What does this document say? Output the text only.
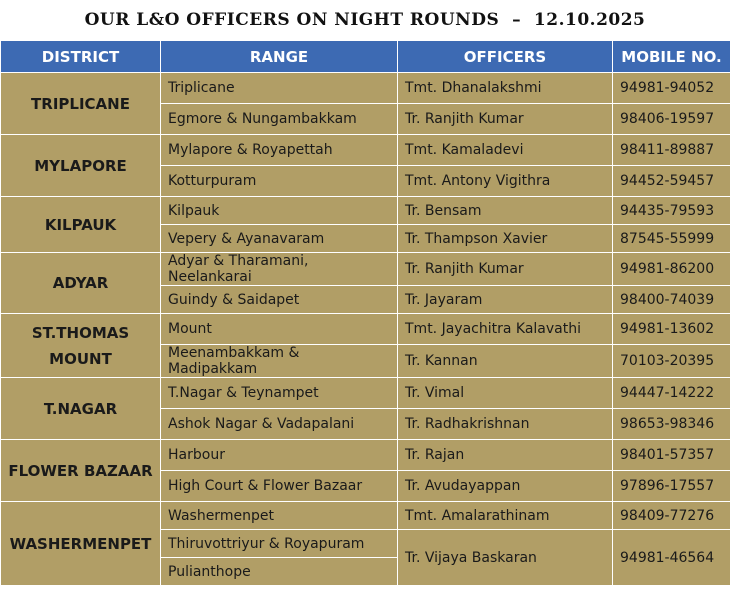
OUR L&O OFFICERS ON NIGHT ROUNDS  –  12.10.2025
DISTRICT	RANGE	OFFICERS	MOBILE NO.
TRIPLICANE	Triplicane	Tmt. Dhanalakshmi	94981-94052
	Egmore & Nungambakkam	Tr. Ranjith Kumar	98406-19597
MYLAPORE	Mylapore & Royapettah	Tmt. Kamaladevi	98411-89887
	Kotturpuram	Tmt. Antony Vigithra	94452-59457
KILPAUK	Kilpauk	Tr. Bensam	94435-79593
	Vepery & Ayanavaram	Tr. Thampson Xavier	87545-55999
ADYAR	Adyar & Tharamani, Neelankarai	Tr. Ranjith Kumar	94981-86200
	Guindy & Saidapet	Tr. Jayaram	98400-74039
ST.THOMAS MOUNT	Mount	Tmt. Jayachitra Kalavathi	94981-13602
	Meenambakkam & Madipakkam	Tr. Kannan	70103-20395
T.NAGAR	T.Nagar & Teynampet	Tr. Vimal	94447-14222
	Ashok Nagar & Vadapalani	Tr. Radhakrishnan	98653-98346
FLOWER BAZAAR	Harbour	Tr. Rajan	98401-57357
	High Court & Flower Bazaar	Tr. Avudayappan	97896-17557
WASHERMENPET	Washermenpet	Tmt. Amalarathinam	98409-77276
	Thiruvottriyur & Royapuram	Tr. Vijaya Baskaran	94981-46564
	Pulianthope		
